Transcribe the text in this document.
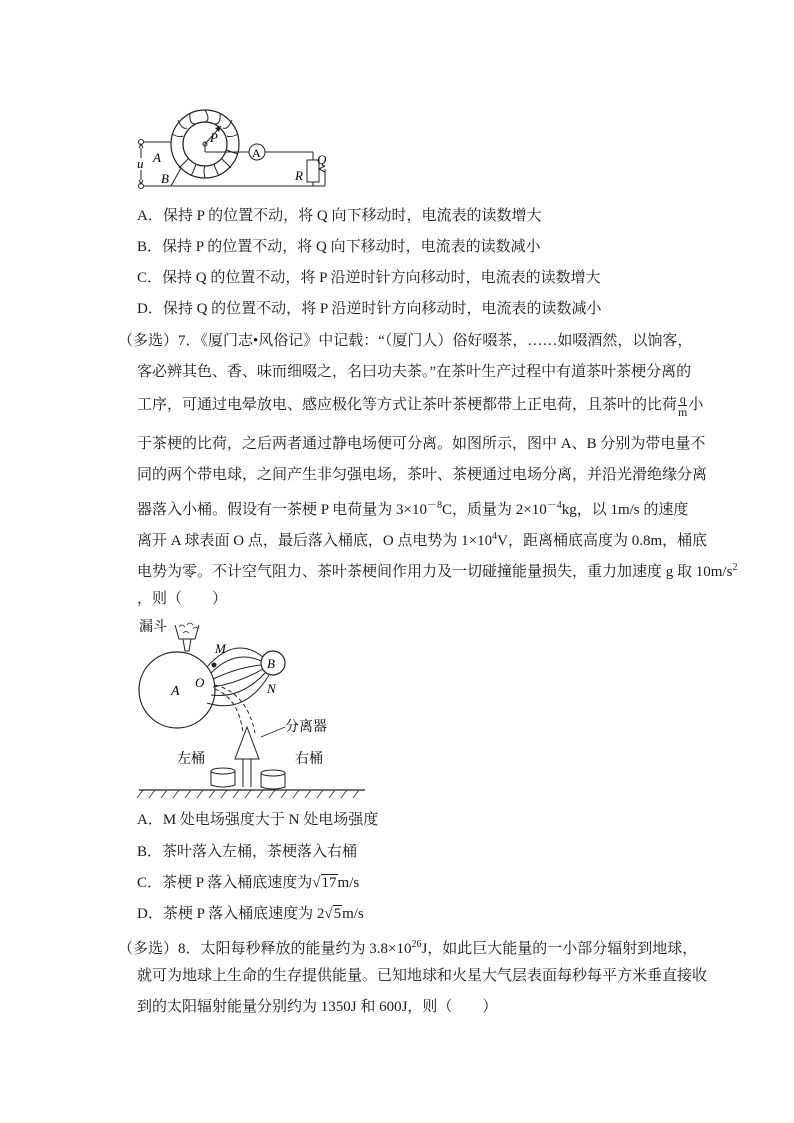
P
u A
B
A
R
Q
A．保持 P 的位置不动，将 Q 向下移动时，电流表的读数增大
B．保持 P 的位置不动，将 Q 向下移动时，电流表的读数减小
C．保持 Q 的位置不动，将 P 沿逆时针方向移动时，电流表的读数增大
D．保持 Q 的位置不动，将 P 沿逆时针方向移动时，电流表的读数减小
（多选）7．《厦门志•风俗记》中记载：“（厦门人）俗好啜茶，……如啜酒然，以饷客，
客必辨其色、香、味而细啜之，名曰功夫茶。”在茶叶生产过程中有道茶叶茶梗分离的
工序，可通过电晕放电、感应极化等方式让茶叶茶梗都带上正电荷，且茶叶的比荷 $\frac{q}{m}$ 小
于茶梗的比荷，之后两者通过静电场便可分离。如图所示，图中 A、B 分别为带电量不
同的两个带电球，之间产生非匀强电场，茶叶、茶梗通过电场分离，并沿光滑绝缘分离
器落入小桶。假设有一茶梗 P 电荷量为 $3\times 10^{-8}C$，质量为 $2\times 10^{-4}kg$，以 1m/s 的速度
离开 A 球表面 O 点，最后落入桶底，O 点电势为 $1\times 10^4V$，距离桶底高度为 0.8m，桶底
电势为零。不计空气阻力、茶叶茶梗间作用力及一切碰撞能量损失，重力加速度 g 取 $10m/s^2$
，则（　　）
漏斗
A
B
M
O	N
分离器
左桶	右桶
A．M 处电场强度大于 N 处电场强度
B．茶叶落入左桶，茶梗落入右桶
C．茶梗 P 落入桶底速度为√17m/s
D．茶梗 P 落入桶底速度为 2√5m/s
（多选）8．太阳每秒释放的能量约为 $3.8\times 10^{26}J$，如此巨大能量的一小部分辐射到地球，
就可为地球上生命的生存提供能量。已知地球和火星大气层表面每秒每平方米垂直接收
到的太阳辐射能量分别约为 1350J 和 600J，则（　　）
